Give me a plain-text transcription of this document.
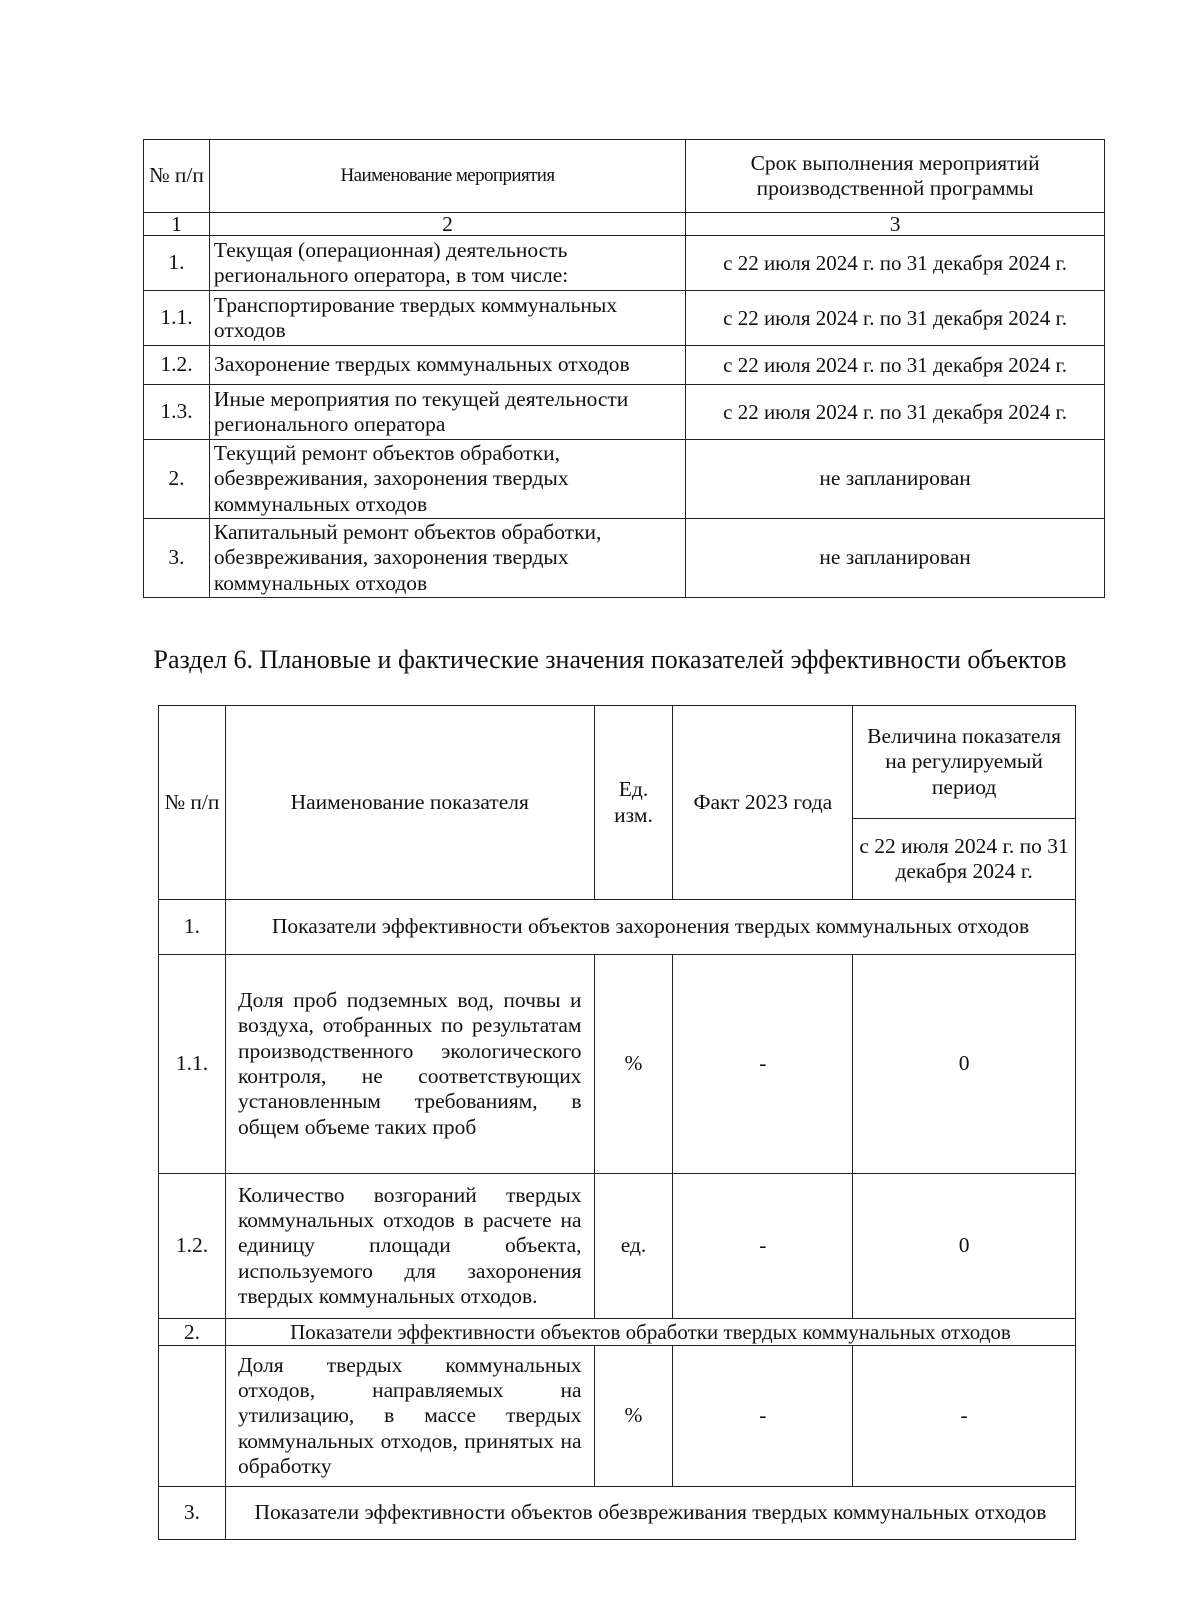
№ п/п	Наименование мероприятия	Срок выполнения мероприятий производственной программы
1	2	3
1.	Текущая (операционная) деятельность регионального оператора, в том числе:	с 22 июля 2024 г. по 31 декабря 2024 г.
1.1.	Транспортирование твердых коммунальных отходов	с 22 июля 2024 г. по 31 декабря 2024 г.
1.2.	Захоронение твердых коммунальных отходов	с 22 июля 2024 г. по 31 декабря 2024 г.
1.3.	Иные мероприятия по текущей деятельности регионального оператора	с 22 июля 2024 г. по 31 декабря 2024 г.
2.	Текущий ремонт объектов обработки, обезвреживания, захоронения твердых коммунальных отходов	не запланирован
3.	Капитальный ремонт объектов обработки, обезвреживания, захоронения твердых коммунальных отходов	не запланирован
Раздел 6. Плановые и фактические значения показателей эффективности объектов
№ п/п	Наименование показателя	Ед. изм.	Факт 2023 года	Величина показателя на регулируемый период
				с 22 июля 2024 г. по 31 декабря 2024 г.
1.	Показатели эффективности объектов захоронения твердых коммунальных отходов			
1.1.	Доля проб подземных вод, почвы и воздуха, отобранных по результатам производственного экологического контроля, не соответствующих установленным требованиям, в общем объеме таких проб	%	-	0
1.2.	Количество возгораний твердых коммунальных отходов в расчете на единицу площади объекта, используемого для захоронения твердых коммунальных отходов.	ед.	-	0
2.	Показатели эффективности объектов обработки твердых коммунальных отходов			
	Доля твердых коммунальных отходов, направляемых на утилизацию, в массе твердых коммунальных отходов, принятых на обработку	%	-	-
3.	Показатели эффективности объектов обезвреживания твердых коммунальных отходов			
